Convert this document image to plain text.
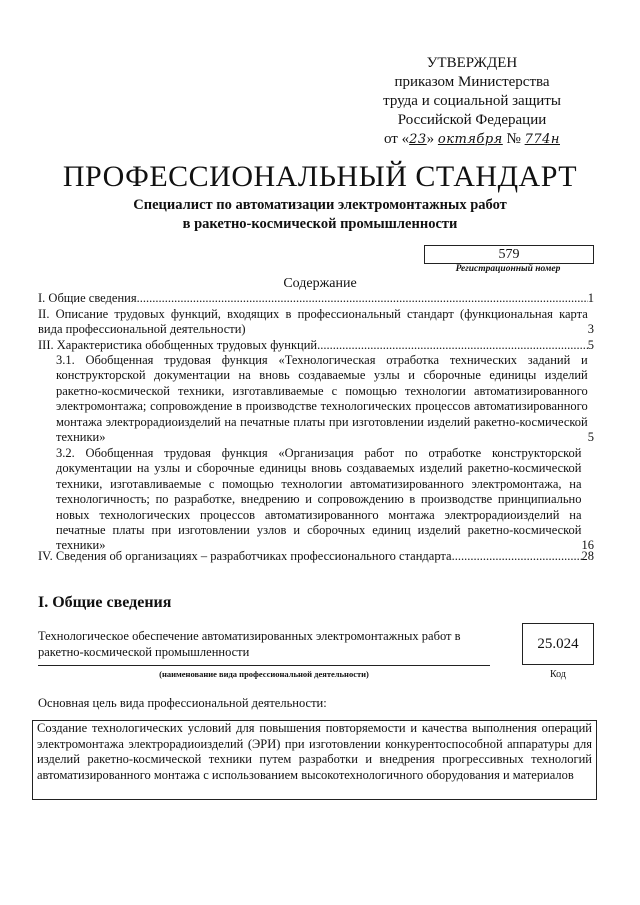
УТВЕРЖДЕН
приказом Министерства
труда и социальной защиты
Российской Федерации
от «23» октября № 774н
ПРОФЕССИОНАЛЬНЫЙ СТАНДАРТ
Специалист по автоматизации электромонтажных работ
в ракетно-космической промышленности
579
Регистрационный номер
Содержание
I. Общие сведения .....	1
II. Описание трудовых функций, входящих в профессиональный стандарт (функциональная карта вида профессиональной деятельности)	3
III. Характеристика обобщенных трудовых функций .....	5
3.1. Обобщенная трудовая функция «Технологическая отработка технических заданий и конструкторской документации на вновь создаваемые узлы и сборочные единицы изделий ракетно-космической техники, изготавливаемые с помощью технологии автоматизированного электромонтажа; сопровождение в производстве технологических процессов автоматизированного монтажа электрорадиоизделий на печатные платы при изготовлении изделий ракетно-космической техники»	5
3.2. Обобщенная трудовая функция «Организация работ по отработке конструкторской документации на узлы и сборочные единицы вновь создаваемых изделий ракетно-космической техники, изготавливаемые с помощью технологии автоматизированного электромонтажа, на технологичность; по разработке, внедрению и сопровождению в производстве принципиально новых технологических процессов автоматизированного монтажа электрорадиоизделий на печатные платы при изготовлении узлов и сборочных единиц изделий ракетно-космической техники»	16
IV. Сведения об организациях – разработчиках профессионального стандарта .....	28
I. Общие сведения
Технологическое обеспечение автоматизированных электромонтажных работ в ракетно-космической промышленности
(наименование вида профессиональной деятельности)
25.024
Код
Основная цель вида профессиональной деятельности:
Создание технологических условий для повышения повторяемости и качества выполнения операций электромонтажа электрорадиоизделий (ЭРИ) при изготовлении конкурентоспособной аппаратуры для изделий ракетно-космической техники путем разработки и внедрения прогрессивных технологий автоматизированного монтажа с использованием высокотехнологичного оборудования и материалов
